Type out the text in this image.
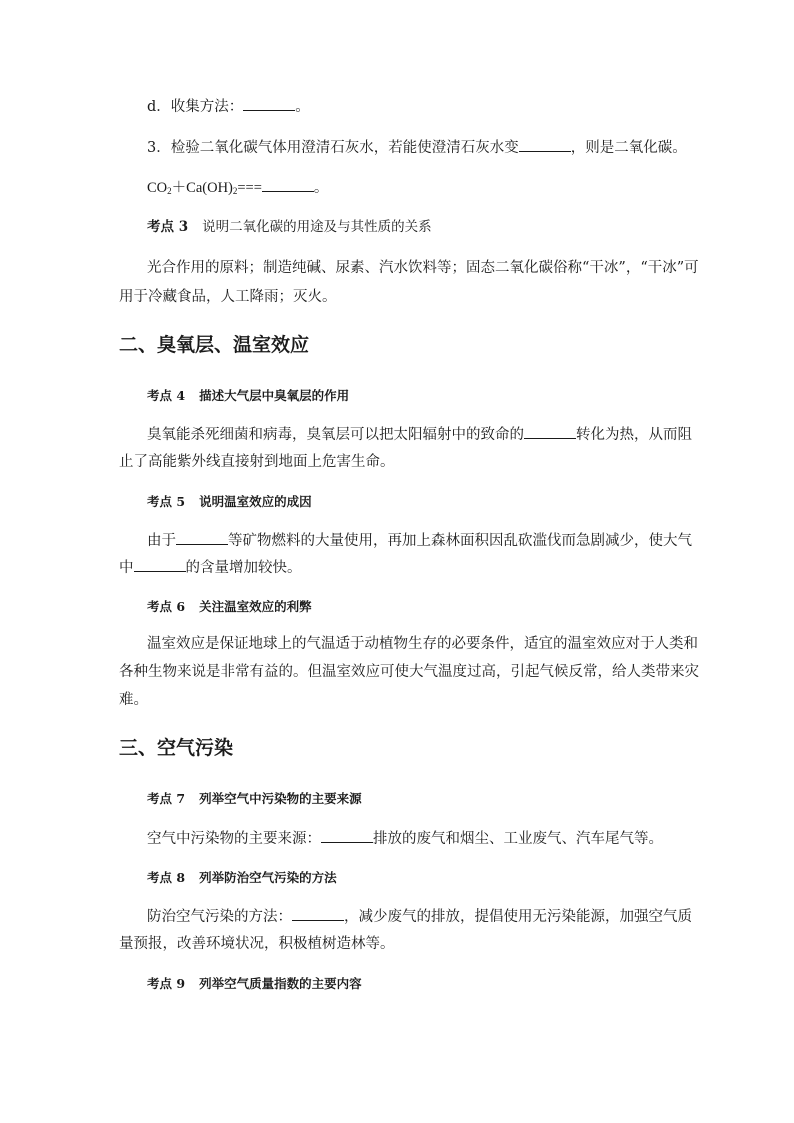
d．收集方法：	。
3．检验二氧化碳气体用澄清石灰水，若能使澄清石灰水变	，则是二氧化碳。
$CO_2+Ca(OH)_2===$	。
考点 3 说明二氧化碳的用途及与其性质的关系
光合作用的原料；制造纯碱、尿素、汽水饮料等；固态二氧化碳俗称“干冰”，“干冰”可
用于冷藏食品，人工降雨；灭火。
二、臭氧层、温室效应
考点 4 描述大气层中臭氧层的作用
臭氧能杀死细菌和病毒，臭氧层可以把太阳辐射中的致命的	转化为热，从而阻
止了高能紫外线直接射到地面上危害生命。
考点 5 说明温室效应的成因
由于	等矿物燃料的大量使用，再加上森林面积因乱砍滥伐而急剧减少，使大气
中	的含量增加较快。
考点 6 关注温室效应的利弊
温室效应是保证地球上的气温适于动植物生存的必要条件，适宜的温室效应对于人类和
各种生物来说是非常有益的。但温室效应可使大气温度过高，引起气候反常，给人类带来灾
难。
三、空气污染
考点 7 列举空气中污染物的主要来源
空气中污染物的主要来源：	排放的废气和烟尘、工业废气、汽车尾气等。
考点 8 列举防治空气污染的方法
防治空气污染的方法：	，减少废气的排放，提倡使用无污染能源，加强空气质
量预报，改善环境状况，积极植树造林等。
考点 9 列举空气质量指数的主要内容
